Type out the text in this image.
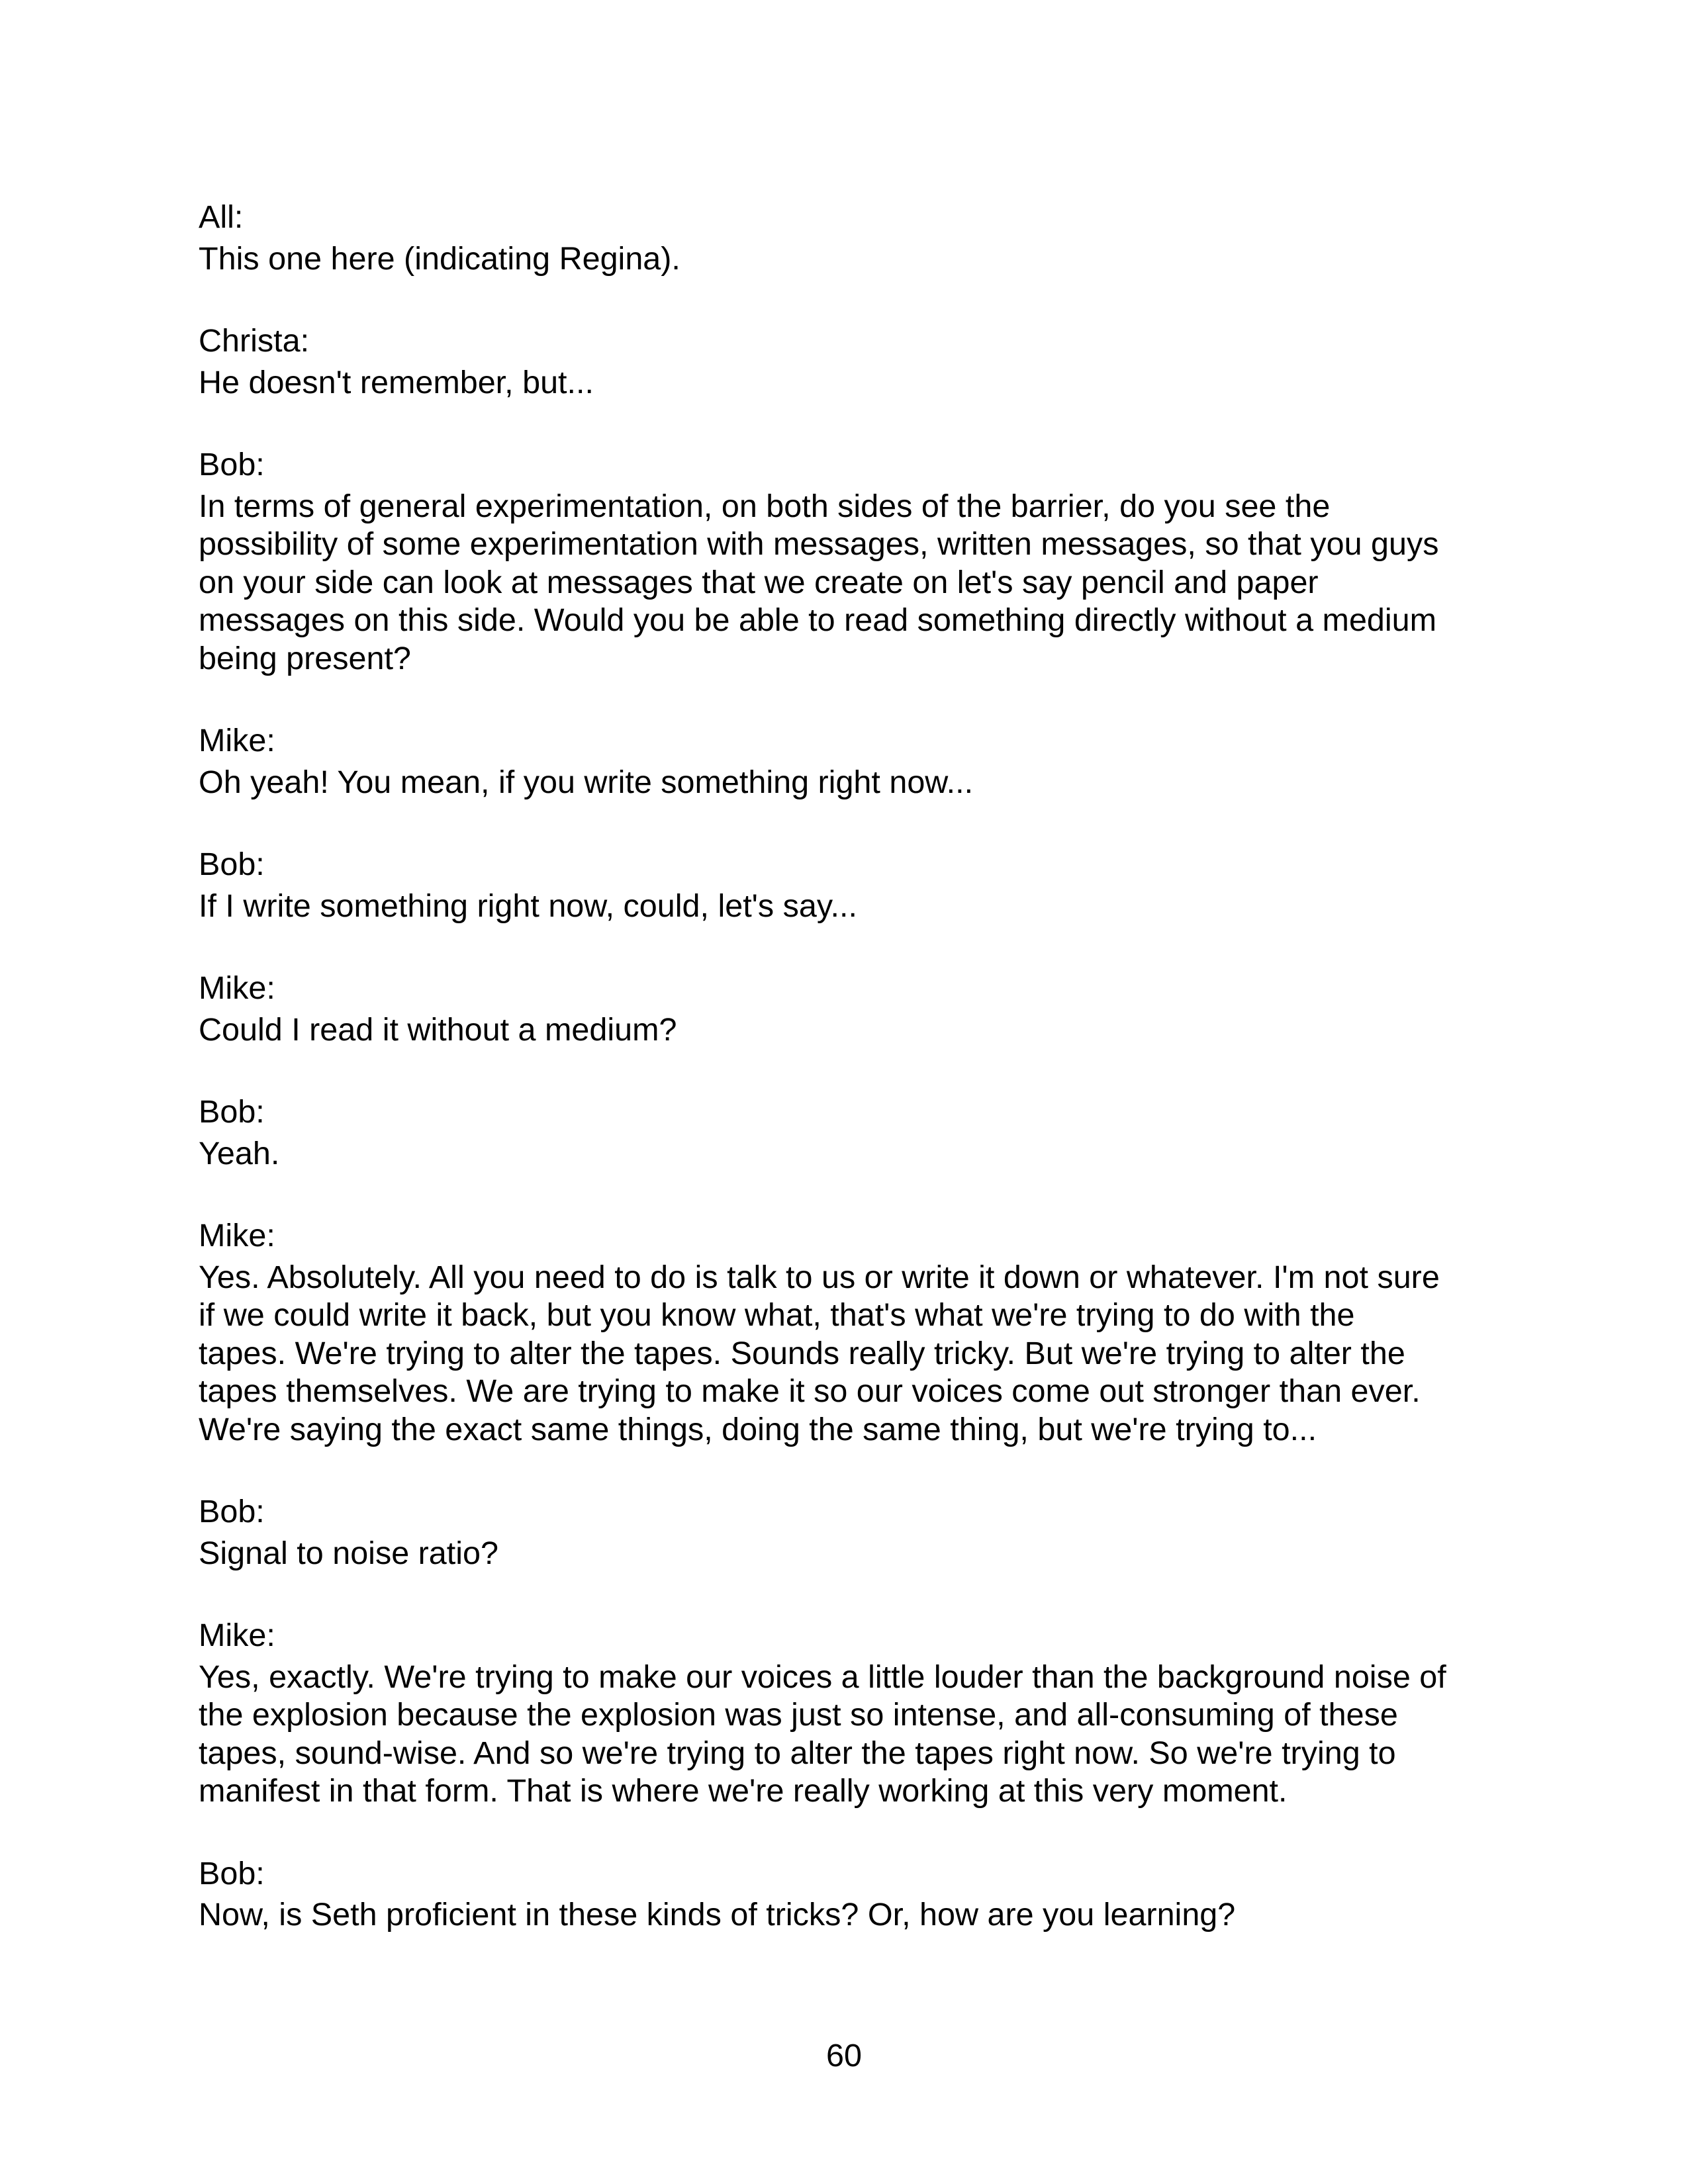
All:
This one here (indicating Regina).
Christa:
He doesn't remember, but...
Bob:
In terms of general experimentation, on both sides of the barrier, do you see the
possibility of some experimentation with messages, written messages, so that you guys
on your side can look at messages that we create on let's say pencil and paper
messages on this side. Would you be able to read something directly without a medium
being present?
Mike:
Oh yeah! You mean, if you write something right now...
Bob:
If I write something right now, could, let's say...
Mike:
Could I read it without a medium?
Bob:
Yeah.
Mike:
Yes. Absolutely. All you need to do is talk to us or write it down or whatever. I'm not sure
if we could write it back, but you know what, that's what we're trying to do with the
tapes. We're trying to alter the tapes. Sounds really tricky. But we're trying to alter the
tapes themselves. We are trying to make it so our voices come out stronger than ever.
We're saying the exact same things, doing the same thing, but we're trying to...
Bob:
Signal to noise ratio?
Mike:
Yes, exactly. We're trying to make our voices a little louder than the background noise of
the explosion because the explosion was just so intense, and all-consuming of these
tapes, sound-wise. And so we're trying to alter the tapes right now. So we're trying to
manifest in that form. That is where we're really working at this very moment.
Bob:
Now, is Seth proficient in these kinds of tricks? Or, how are you learning?
60
